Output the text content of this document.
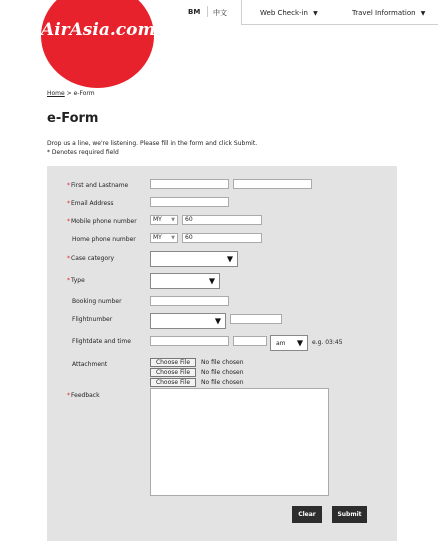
AirAsia.com
BM 中文	Web Check-in ▼	Travel Information ▼
Home > e-Form
e-Form
Drop us a line, we're listening. Please fill in the form and click Submit.
* Denotes required field
*First and Lastname
*Email Address
*Mobile phone number	MY ▼	60
Home phone number	MY ▼	60
*Case category	▼
*Type	▼
Booking number
Flightnumber	▼
Flightdate and time	am ▼ e.g. 03:45
Attachment	Choose File	No file chosen
Choose File	No file chosen
Choose File	No file chosen
*Feedback
Clear	Submit
